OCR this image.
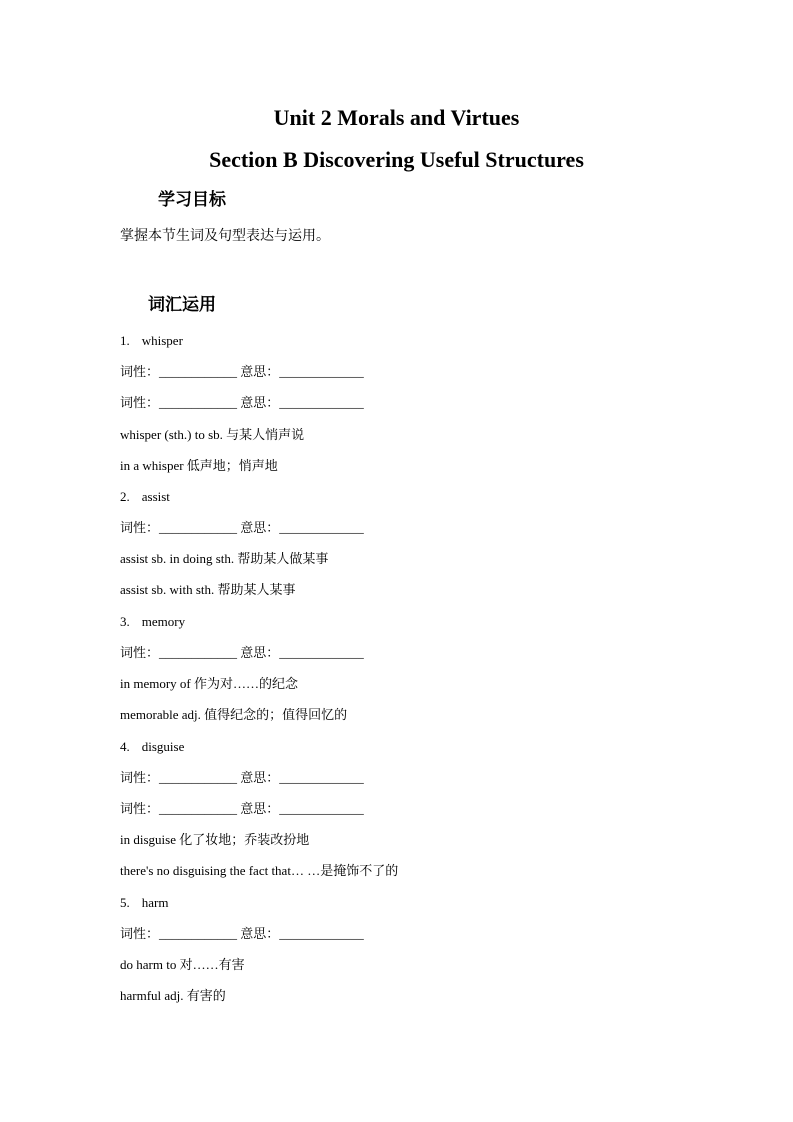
Unit 2 Morals and Virtues
Section B Discovering Useful Structures
学习目标
掌握本节生词及句型表达与运用。
词汇运用
1. whisper
词性：____________ 意思：_____________
词性：____________ 意思：_____________
whisper (sth.) to sb. 与某人悄声说
in a whisper 低声地；悄声地
2. assist
词性：____________ 意思：_____________
assist sb. in doing sth. 帮助某人做某事
assist sb. with sth. 帮助某人某事
3. memory
词性：____________ 意思：_____________
in memory of 作为对……的纪念
memorable adj. 值得纪念的；值得回忆的
4. disguise
词性：____________ 意思：_____________
词性：____________ 意思：_____________
in disguise 化了妆地；乔装改扮地
there's no disguising the fact that… …是掩饰不了的
5. harm
词性：____________ 意思：_____________
do harm to 对……有害
harmful adj. 有害的
